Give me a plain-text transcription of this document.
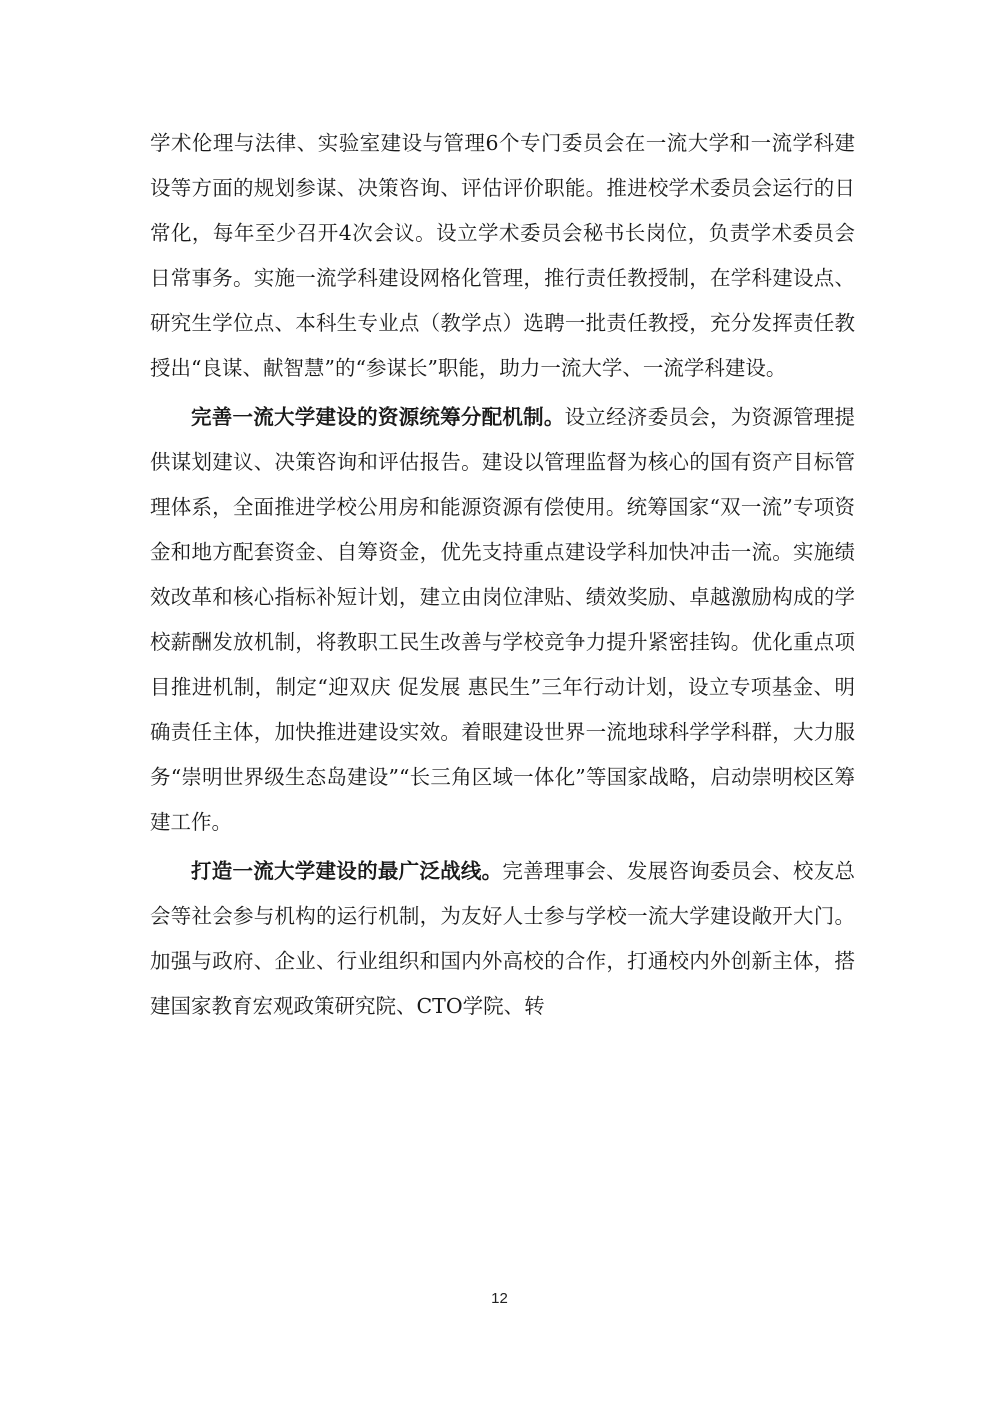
学术伦理与法律、实验室建设与管理6个专门委员会在一流大学和一流学科建设等方面的规划参谋、决策咨询、评估评价职能。推进校学术委员会运行的日常化，每年至少召开4次会议。设立学术委员会秘书长岗位，负责学术委员会日常事务。实施一流学科建设网格化管理，推行责任教授制，在学科建设点、研究生学位点、本科生专业点（教学点）选聘一批责任教授，充分发挥责任教授出“良谋、献智慧”的“参谋长”职能，助力一流大学、一流学科建设。

完善一流大学建设的资源统筹分配机制。设立经济委员会，为资源管理提供谋划建议、决策咨询和评估报告。建设以管理监督为核心的国有资产目标管理体系，全面推进学校公用房和能源资源有偿使用。统筹国家“双一流”专项资金和地方配套资金、自筹资金，优先支持重点建设学科加快冲击一流。实施绩效改革和核心指标补短计划，建立由岗位津贴、绩效奖励、卓越激励构成的学校薪酬发放机制，将教职工民生改善与学校竞争力提升紧密挂钩。优化重点项目推进机制，制定“迎双庆 促发展 惠民生”三年行动计划，设立专项基金、明确责任主体，加快推进建设实效。着眼建设世界一流地球科学学科群，大力服务“崇明世界级生态岛建设”“长三角区域一体化”等国家战略，启动崇明校区筹建工作。

打造一流大学建设的最广泛战线。完善理事会、发展咨询委员会、校友总会等社会参与机构的运行机制，为友好人士参与学校一流大学建设敞开大门。加强与政府、企业、行业组织和国内外高校的合作，打通校内外创新主体，搭建国家教育宏观政策研究院、CTO学院、转

12
